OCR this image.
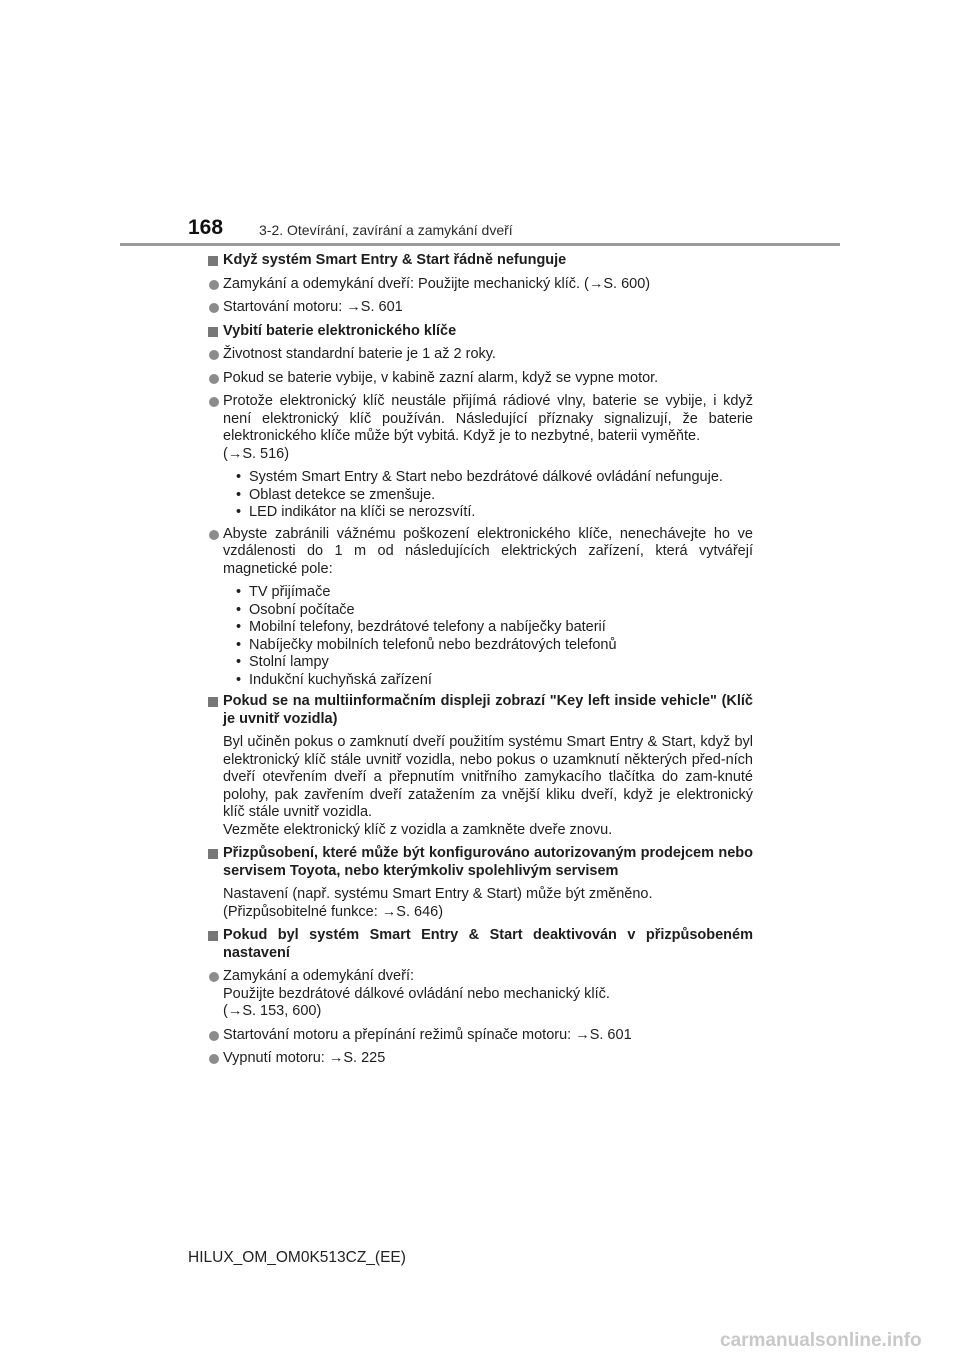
168	3-2. Otevírání, zavírání a zamykání dveří
Když systém Smart Entry & Start řádně nefunguje
Zamykání a odemykání dveří: Použijte mechanický klíč. (→S. 600)
Startování motoru: →S. 601
Vybití baterie elektronického klíče
Životnost standardní baterie je 1 až 2 roky.
Pokud se baterie vybije, v kabině zazní alarm, když se vypne motor.
Protože elektronický klíč neustále přijímá rádiové vlny, baterie se vybije, i když není elektronický klíč používán. Následující příznaky signalizují, že baterie elektronického klíče může být vybitá. Když je to nezbytné, baterii vyměňte.
(→S. 516)
• Systém Smart Entry & Start nebo bezdrátové dálkové ovládání nefunguje.
• Oblast detekce se zmenšuje.
• LED indikátor na klíči se nerozsvítí.
Abyste zabránili vážnému poškození elektronického klíče, nenechávejte ho ve vzdálenosti do 1 m od následujících elektrických zařízení, která vytvářejí magnetické pole:
• TV přijímače
• Osobní počítače
• Mobilní telefony, bezdrátové telefony a nabíječky baterií
• Nabíječky mobilních telefonů nebo bezdrátových telefonů
• Stolní lampy
• Indukční kuchyňská zařízení
Pokud se na multiinformačním displeji zobrazí "Key left inside vehicle" (Klíč je uvnitř vozidla)
Byl učiněn pokus o zamknutí dveří použitím systému Smart Entry & Start, když byl elektronický klíč stále uvnitř vozidla, nebo pokus o uzamknutí některých před-ních dveří otevřením dveří a přepnutím vnitřního zamykacího tlačítka do zam-knuté polohy, pak zavřením dveří zatažením za vnější kliku dveří, když je elektronický klíč stále uvnitř vozidla.
Vezměte elektronický klíč z vozidla a zamkněte dveře znovu.
Přizpůsobení, které může být konfigurováno autorizovaným prodejcem nebo servisem Toyota, nebo kterýmkoliv spolehlivým servisem
Nastavení (např. systému Smart Entry & Start) může být změněno.
(Přizpůsobitelné funkce: →S. 646)
Pokud byl systém Smart Entry & Start deaktivován v přizpůsobeném nastavení
Zamykání a odemykání dveří:
Použijte bezdrátové dálkové ovládání nebo mechanický klíč.
(→S. 153, 600)
Startování motoru a přepínání režimů spínače motoru: →S. 601
Vypnutí motoru: →S. 225
HILUX_OM_OM0K513CZ_(EE)
carmanualsonline.info
